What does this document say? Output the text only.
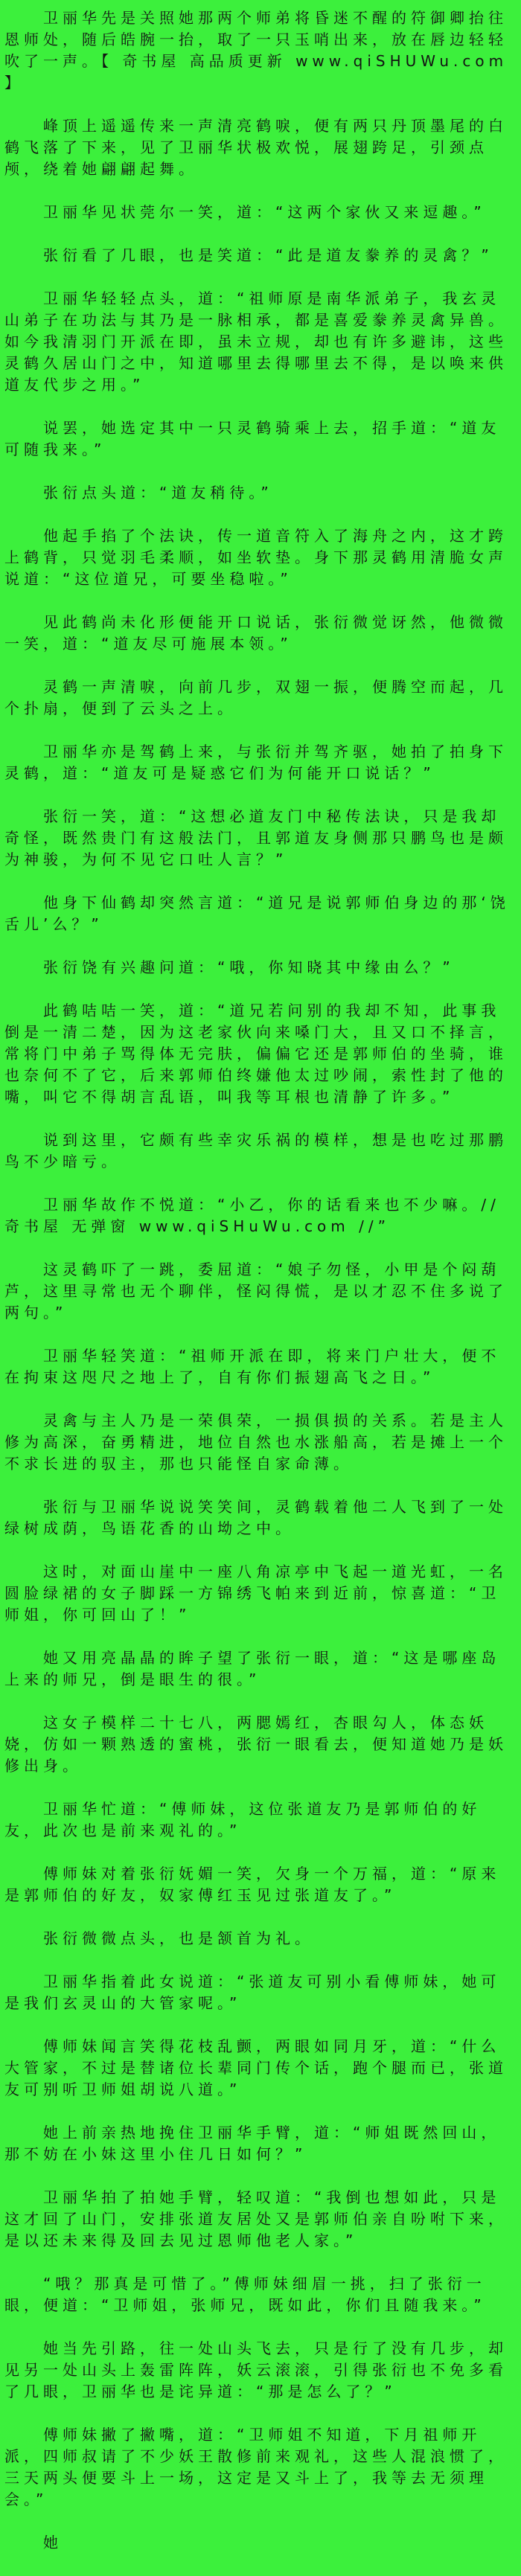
卫丽华先是关照她那两个师弟将昏迷不醒的符御卿抬往恩师处，随后皓腕一抬，取了一只玉哨出来，放在唇边轻轻吹了一声。【 奇书屋 高品质更新 www.qiSHUWu.com 】

峰顶上遥遥传来一声清亮鹤唳，便有两只丹顶墨尾的白鹤飞落了下来，见了卫丽华状极欢悦，展翅跨足，引颈点颅，绕着她翩翩起舞。

卫丽华见状莞尔一笑，道：“这两个家伙又来逗趣。”

张衍看了几眼，也是笑道：“此是道友豢养的灵禽？”

卫丽华轻轻点头，道：“祖师原是南华派弟子，我玄灵山弟子在功法与其乃是一脉相承，都是喜爱豢养灵禽异兽。如今我清羽门开派在即，虽未立规，却也有许多避讳，这些灵鹤久居山门之中，知道哪里去得哪里去不得，是以唤来供道友代步之用。”

说罢，她选定其中一只灵鹤骑乘上去，招手道：“道友可随我来。”

张衍点头道：“道友稍待。”

他起手掐了个法诀，传一道音符入了海舟之内，这才跨上鹤背，只觉羽毛柔顺，如坐软垫。身下那灵鹤用清脆女声说道：“这位道兄，可要坐稳啦。”

见此鹤尚未化形便能开口说话，张衍微觉讶然，他微微一笑，道：“道友尽可施展本领。”

灵鹤一声清唳，向前几步，双翅一振，便腾空而起，几个扑扇，便到了云头之上。

卫丽华亦是驾鹤上来，与张衍并驾齐驱，她拍了拍身下灵鹤，道：“道友可是疑惑它们为何能开口说话？”

张衍一笑，道：“这想必道友门中秘传法诀，只是我却奇怪，既然贵门有这般法门，且郭道友身侧那只鹏鸟也是颇为神骏，为何不见它口吐人言？”

他身下仙鹤却突然言道：“道兄是说郭师伯身边的那‘饶舌儿’么？”

张衍饶有兴趣问道：“哦，你知晓其中缘由么？”

此鹤咭咭一笑，道：“道兄若问别的我却不知，此事我倒是一清二楚，因为这老家伙向来嗓门大，且又口不择言，常将门中弟子骂得体无完肤，偏偏它还是郭师伯的坐骑，谁也奈何不了它，后来郭师伯终嫌他太过吵闹，索性封了他的嘴，叫它不得胡言乱语，叫我等耳根也清静了许多。”

说到这里，它颇有些幸灾乐祸的模样，想是也吃过那鹏鸟不少暗亏。

卫丽华故作不悦道：“小乙，你的话看来也不少嘛。// 奇书屋 无弹窗 www.qiSHuWu.com //”

这灵鹤吓了一跳，委屈道：“娘子勿怪，小甲是个闷葫芦，这里寻常也无个聊伴，怪闷得慌，是以才忍不住多说了两句。”

卫丽华轻笑道：“祖师开派在即，将来门户壮大，便不在拘束这咫尺之地上了，自有你们振翅高飞之日。”

灵禽与主人乃是一荣俱荣，一损俱损的关系。若是主人修为高深，奋勇精进，地位自然也水涨船高，若是摊上一个不求长进的驭主，那也只能怪自家命薄。

张衍与卫丽华说说笑笑间，灵鹤载着他二人飞到了一处绿树成荫，鸟语花香的山坳之中。

这时，对面山崖中一座八角凉亭中飞起一道光虹，一名圆脸绿裙的女子脚踩一方锦绣飞帕来到近前，惊喜道：“卫师姐，你可回山了！”

她又用亮晶晶的眸子望了张衍一眼，道：“这是哪座岛上来的师兄，倒是眼生的很。”

这女子模样二十七八，两腮嫣红，杏眼勾人，体态妖娆，仿如一颗熟透的蜜桃，张衍一眼看去，便知道她乃是妖修出身。

卫丽华忙道：“傅师妹，这位张道友乃是郭师伯的好友，此次也是前来观礼的。”

傅师妹对着张衍妩媚一笑，欠身一个万福，道：“原来是郭师伯的好友，奴家傅红玉见过张道友了。”

张衍微微点头，也是颔首为礼。

卫丽华指着此女说道：“张道友可别小看傅师妹，她可是我们玄灵山的大管家呢。”

傅师妹闻言笑得花枝乱颤，两眼如同月牙，道：“什么大管家，不过是替诸位长辈同门传个话，跑个腿而已，张道友可别听卫师姐胡说八道。”

她上前亲热地挽住卫丽华手臂，道：“师姐既然回山，那不妨在小妹这里小住几日如何？”

卫丽华拍了拍她手臂，轻叹道：“我倒也想如此，只是这才回了山门，安排张道友居处又是郭师伯亲自吩咐下来，是以还未来得及回去见过恩师他老人家。”

“哦？那真是可惜了。”傅师妹细眉一挑，扫了张衍一眼，便道：“卫师姐，张师兄，既如此，你们且随我来。”

她当先引路，往一处山头飞去，只是行了没有几步，却见另一处山头上轰雷阵阵，妖云滚滚，引得张衍也不免多看了几眼，卫丽华也是诧异道：“那是怎么了？”

傅师妹撇了撇嘴，道：“卫师姐不知道，下月祖师开派，四师叔请了不少妖王散修前来观礼，这些人混浪惯了，三天两头便要斗上一场，这定是又斗上了，我等去无须理会。”

她
